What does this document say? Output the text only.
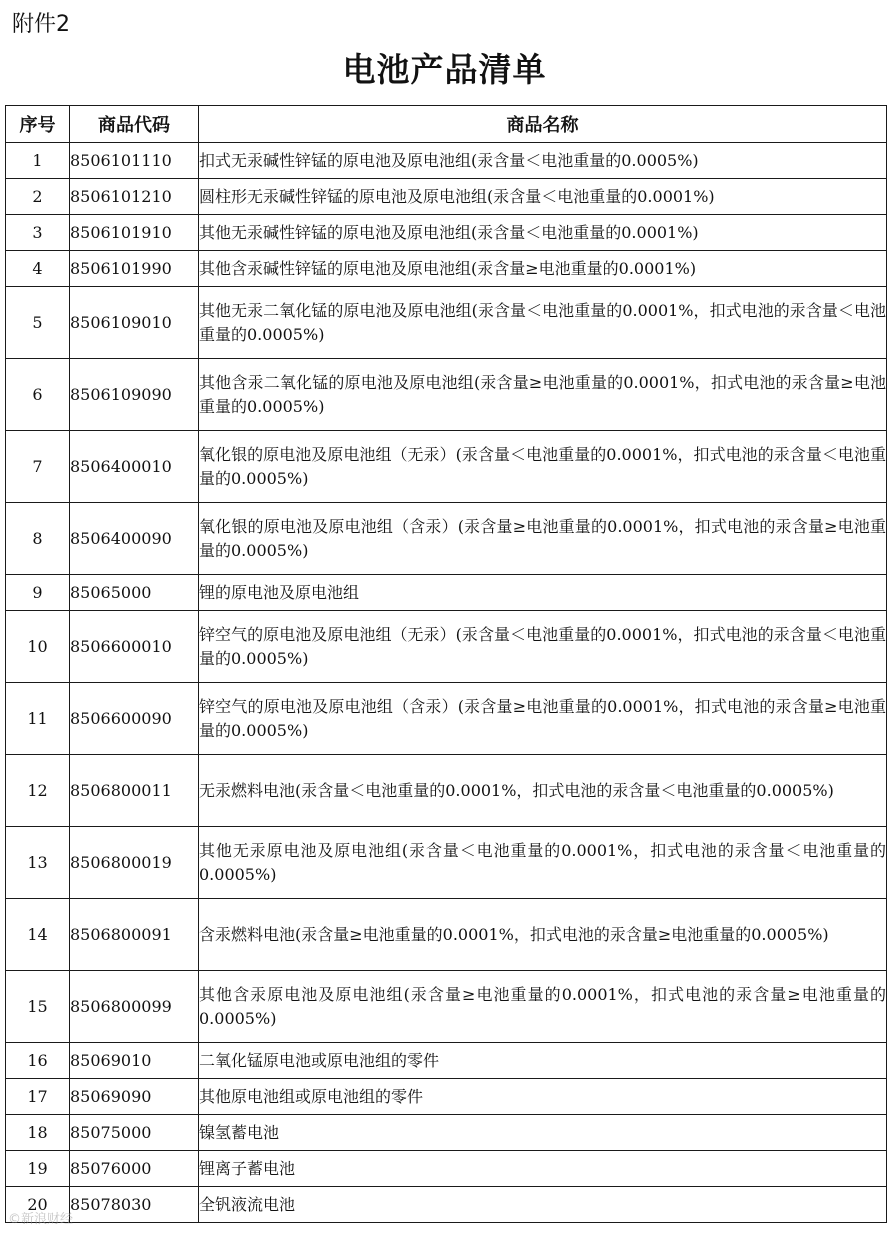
附件2
电池产品清单
序号	商品代码	商品名称
1	8506101110	扣式无汞碱性锌锰的原电池及原电池组(汞含量＜电池重量的0.0005%)
2	8506101210	圆柱形无汞碱性锌锰的原电池及原电池组(汞含量＜电池重量的0.0001%)
3	8506101910	其他无汞碱性锌锰的原电池及原电池组(汞含量＜电池重量的0.0001%)
4	8506101990	其他含汞碱性锌锰的原电池及原电池组(汞含量≥电池重量的0.0001%)
5	8506109010	其他无汞二氧化锰的原电池及原电池组(汞含量＜电池重量的0.0001%，扣式电池的汞含量＜电池重量的0.0005%)
6	8506109090	其他含汞二氧化锰的原电池及原电池组(汞含量≥电池重量的0.0001%，扣式电池的汞含量≥电池重量的0.0005%)
7	8506400010	氧化银的原电池及原电池组（无汞）(汞含量＜电池重量的0.0001%，扣式电池的汞含量＜电池重量的0.0005%)
8	8506400090	氧化银的原电池及原电池组（含汞）(汞含量≥电池重量的0.0001%，扣式电池的汞含量≥电池重量的0.0005%)
9	85065000	锂的原电池及原电池组
10	8506600010	锌空气的原电池及原电池组（无汞）(汞含量＜电池重量的0.0001%，扣式电池的汞含量＜电池重量的0.0005%)
11	8506600090	锌空气的原电池及原电池组（含汞）(汞含量≥电池重量的0.0001%，扣式电池的汞含量≥电池重量的0.0005%)
12	8506800011	无汞燃料电池(汞含量＜电池重量的0.0001%，扣式电池的汞含量＜电池重量的0.0005%)
13	8506800019	其他无汞原电池及原电池组(汞含量＜电池重量的0.0001%，扣式电池的汞含量＜电池重量的0.0005%)
14	8506800091	含汞燃料电池(汞含量≥电池重量的0.0001%，扣式电池的汞含量≥电池重量的0.0005%)
15	8506800099	其他含汞原电池及原电池组(汞含量≥电池重量的0.0001%，扣式电池的汞含量≥电池重量的0.0005%)
16	85069010	二氧化锰原电池或原电池组的零件
17	85069090	其他原电池组或原电池组的零件
18	85075000	镍氢蓄电池
19	85076000	锂离子蓄电池
20	85078030	全钒液流电池
©新浪财经
